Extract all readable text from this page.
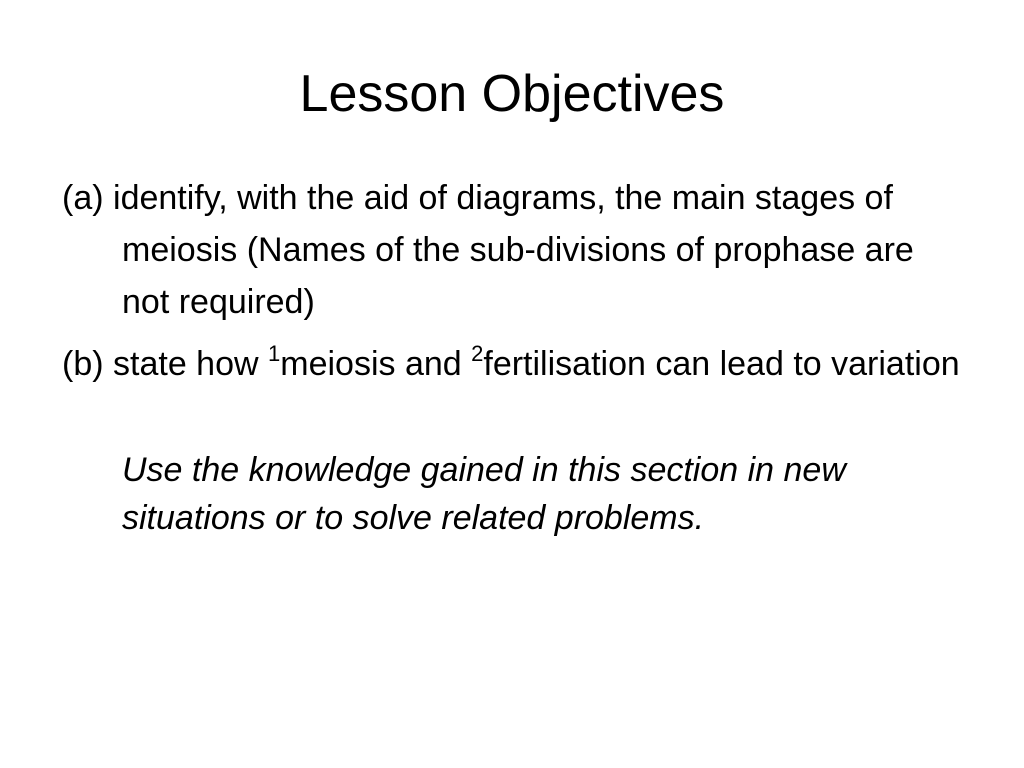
Lesson Objectives

(a) identify, with the aid of diagrams, the main stages of meiosis (Names of the sub-divisions of prophase are not required)

(b) state how $^1$meiosis and $^2$fertilisation can lead to variation

Use the knowledge gained in this section in new situations or to solve related problems.
